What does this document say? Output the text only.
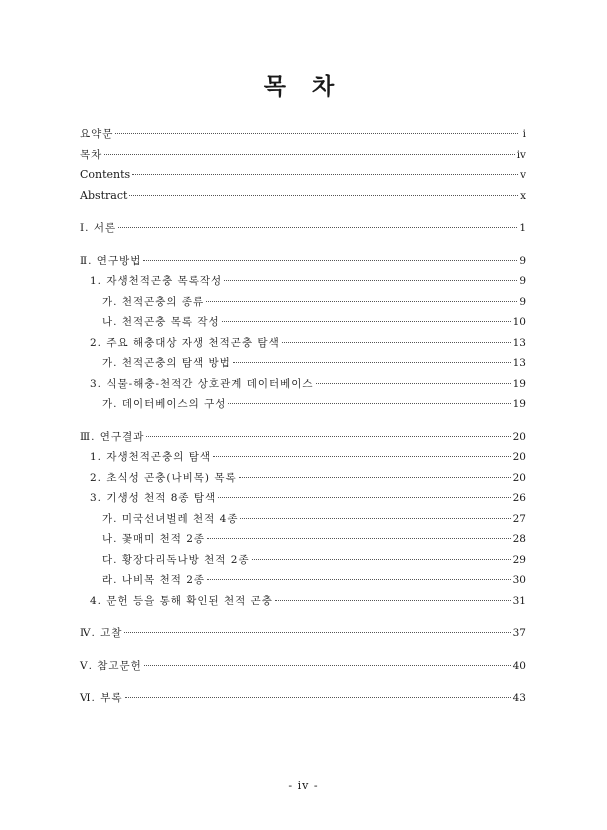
목 차
요약문	i
목차	iv
Contents	v
Abstract	x
Ⅰ. 서론	1
Ⅱ. 연구방법	9
1. 자생천적곤충 목록작성	9
가. 천적곤충의 종류	9
나. 천적곤충 목록 작성	10
2. 주요 해충대상 자생 천적곤충 탐색	13
가. 천적곤충의 탐색 방법	13
3. 식물-해충-천적간 상호관계 데이터베이스	19
가. 데이터베이스의 구성	19
Ⅲ. 연구결과	20
1. 자생천적곤충의 탐색	20
2. 초식성 곤충(나비목) 목록	20
3. 기생성 천적 8종 탐색	26
가. 미국선녀벌레 천적 4종	27
나. 꽃매미 천적 2종	28
다. 황장다리독나방 천적 2종	29
라. 나비목 천적 2종	30
4. 문헌 등을 통해 확인된 천적 곤충	31
Ⅳ. 고찰	37
Ⅴ. 참고문헌	40
Ⅵ. 부록	43
- iv -
